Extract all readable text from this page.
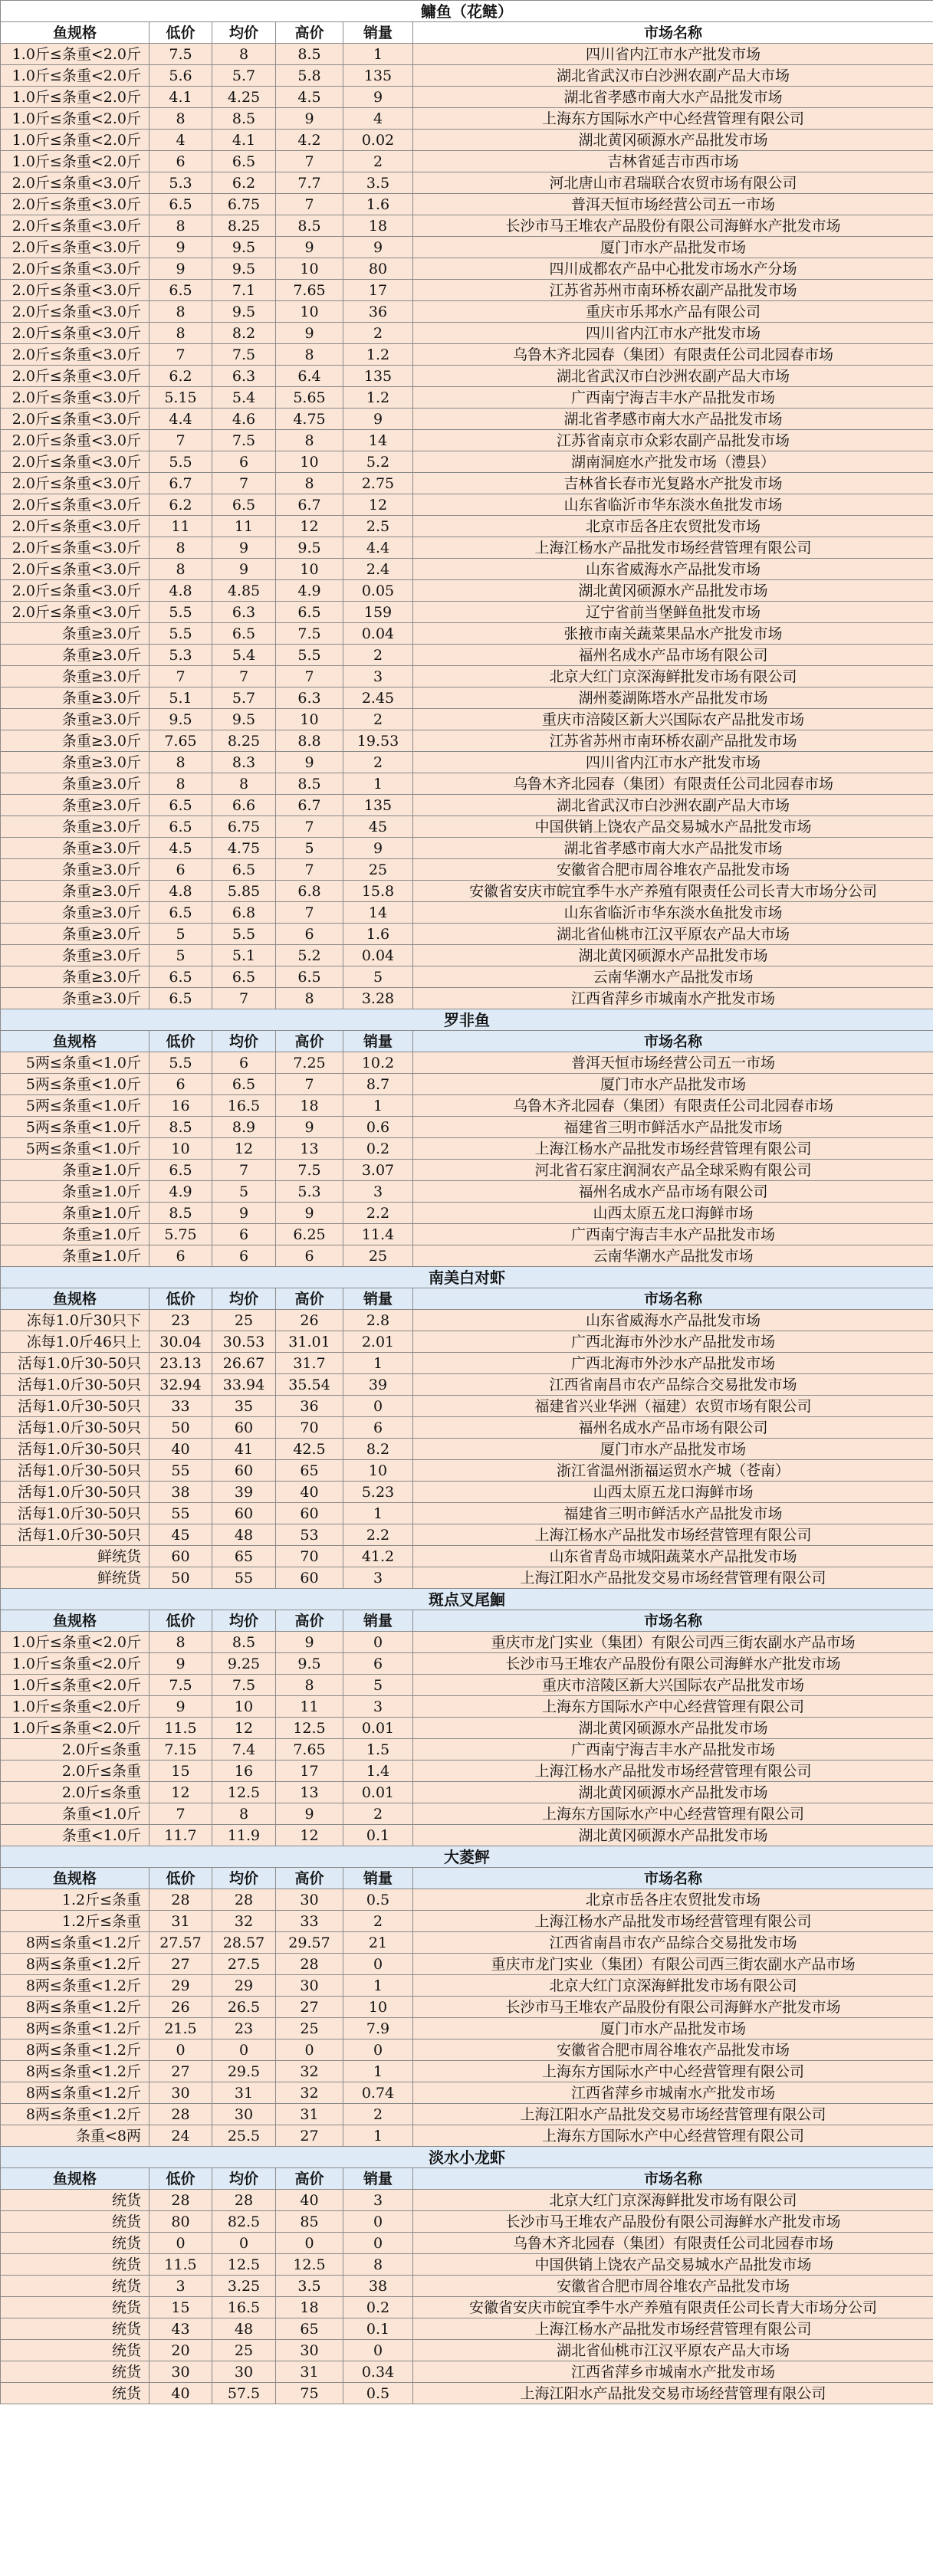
鳙鱼（花鲢）					
鱼规格	低价	均价	高价	销量	市场名称
1.0斤≤条重<2.0斤	7.5	8	8.5	1	四川省内江市水产批发市场
1.0斤≤条重<2.0斤	5.6	5.7	5.8	135	湖北省武汉市白沙洲农副产品大市场
1.0斤≤条重<2.0斤	4.1	4.25	4.5	9	湖北省孝感市南大水产品批发市场
1.0斤≤条重<2.0斤	8	8.5	9	4	上海东方国际水产中心经营管理有限公司
1.0斤≤条重<2.0斤	4	4.1	4.2	0.02	湖北黄冈硕源水产品批发市场
1.0斤≤条重<2.0斤	6	6.5	7	2	吉林省延吉市西市场
2.0斤≤条重<3.0斤	5.3	6.2	7.7	3.5	河北唐山市君瑞联合农贸市场有限公司
2.0斤≤条重<3.0斤	6.5	6.75	7	1.6	普洱天恒市场经营公司五一市场
2.0斤≤条重<3.0斤	8	8.25	8.5	18	长沙市马王堆农产品股份有限公司海鲜水产批发市场
2.0斤≤条重<3.0斤	9	9.5	9	9	厦门市水产品批发市场
2.0斤≤条重<3.0斤	9	9.5	10	80	四川成都农产品中心批发市场水产分场
2.0斤≤条重<3.0斤	6.5	7.1	7.65	17	江苏省苏州市南环桥农副产品批发市场
2.0斤≤条重<3.0斤	8	9.5	10	36	重庆市乐邦水产品有限公司
2.0斤≤条重<3.0斤	8	8.2	9	2	四川省内江市水产批发市场
2.0斤≤条重<3.0斤	7	7.5	8	1.2	乌鲁木齐北园春（集团）有限责任公司北园春市场
2.0斤≤条重<3.0斤	6.2	6.3	6.4	135	湖北省武汉市白沙洲农副产品大市场
2.0斤≤条重<3.0斤	5.15	5.4	5.65	1.2	广西南宁海吉丰水产品批发市场
2.0斤≤条重<3.0斤	4.4	4.6	4.75	9	湖北省孝感市南大水产品批发市场
2.0斤≤条重<3.0斤	7	7.5	8	14	江苏省南京市众彩农副产品批发市场
2.0斤≤条重<3.0斤	5.5	6	10	5.2	湖南洞庭水产批发市场（澧县）
2.0斤≤条重<3.0斤	6.7	7	8	2.75	吉林省长春市光复路水产批发市场
2.0斤≤条重<3.0斤	6.2	6.5	6.7	12	山东省临沂市华东淡水鱼批发市场
2.0斤≤条重<3.0斤	11	11	12	2.5	北京市岳各庄农贸批发市场
2.0斤≤条重<3.0斤	8	9	9.5	4.4	上海江杨水产品批发市场经营管理有限公司
2.0斤≤条重<3.0斤	8	9	10	2.4	山东省威海水产品批发市场
2.0斤≤条重<3.0斤	4.8	4.85	4.9	0.05	湖北黄冈硕源水产品批发市场
2.0斤≤条重<3.0斤	5.5	6.3	6.5	159	辽宁省前当堡鲜鱼批发市场
条重≥3.0斤	5.5	6.5	7.5	0.04	张掖市南关蔬菜果品水产批发市场
条重≥3.0斤	5.3	5.4	5.5	2	福州名成水产品市场有限公司
条重≥3.0斤	7	7	7	3	北京大红门京深海鲜批发市场有限公司
条重≥3.0斤	5.1	5.7	6.3	2.45	湖州菱湖陈塔水产品批发市场
条重≥3.0斤	9.5	9.5	10	2	重庆市涪陵区新大兴国际农产品批发市场
条重≥3.0斤	7.65	8.25	8.8	19.53	江苏省苏州市南环桥农副产品批发市场
条重≥3.0斤	8	8.3	9	2	四川省内江市水产批发市场
条重≥3.0斤	8	8	8.5	1	乌鲁木齐北园春（集团）有限责任公司北园春市场
条重≥3.0斤	6.5	6.6	6.7	135	湖北省武汉市白沙洲农副产品大市场
条重≥3.0斤	6.5	6.75	7	45	中国供销上饶农产品交易城水产品批发市场
条重≥3.0斤	4.5	4.75	5	9	湖北省孝感市南大水产品批发市场
条重≥3.0斤	6	6.5	7	25	安徽省合肥市周谷堆农产品批发市场
条重≥3.0斤	4.8	5.85	6.8	15.8	安徽省安庆市皖宜季牛水产养殖有限责任公司长青大市场分公司
条重≥3.0斤	6.5	6.8	7	14	山东省临沂市华东淡水鱼批发市场
条重≥3.0斤	5	5.5	6	1.6	湖北省仙桃市江汉平原农产品大市场
条重≥3.0斤	5	5.1	5.2	0.04	湖北黄冈硕源水产品批发市场
条重≥3.0斤	6.5	6.5	6.5	5	云南华潮水产品批发市场
条重≥3.0斤	6.5	7	8	3.28	江西省萍乡市城南水产批发市场
罗非鱼					
鱼规格	低价	均价	高价	销量	市场名称
5两≤条重<1.0斤	5.5	6	7.25	10.2	普洱天恒市场经营公司五一市场
5两≤条重<1.0斤	6	6.5	7	8.7	厦门市水产品批发市场
5两≤条重<1.0斤	16	16.5	18	1	乌鲁木齐北园春（集团）有限责任公司北园春市场
5两≤条重<1.0斤	8.5	8.9	9	0.6	福建省三明市鲜活水产品批发市场
5两≤条重<1.0斤	10	12	13	0.2	上海江杨水产品批发市场经营管理有限公司
条重≥1.0斤	6.5	7	7.5	3.07	河北省石家庄润洞农产品全球采购有限公司
条重≥1.0斤	4.9	5	5.3	3	福州名成水产品市场有限公司
条重≥1.0斤	8.5	9	9	2.2	山西太原五龙口海鲜市场
条重≥1.0斤	5.75	6	6.25	11.4	广西南宁海吉丰水产品批发市场
条重≥1.0斤	6	6	6	25	云南华潮水产品批发市场
南美白对虾					
鱼规格	低价	均价	高价	销量	市场名称
冻每1.0斤30只下	23	25	26	2.8	山东省威海水产品批发市场
冻每1.0斤46只上	30.04	30.53	31.01	2.01	广西北海市外沙水产品批发市场
活每1.0斤30-50只	23.13	26.67	31.7	1	广西北海市外沙水产品批发市场
活每1.0斤30-50只	32.94	33.94	35.54	39	江西省南昌市农产品综合交易批发市场
活每1.0斤30-50只	33	35	36	0	福建省兴业华洲（福建）农贸市场有限公司
活每1.0斤30-50只	50	60	70	6	福州名成水产品市场有限公司
活每1.0斤30-50只	40	41	42.5	8.2	厦门市水产品批发市场
活每1.0斤30-50只	55	60	65	10	浙江省温州浙福运贸水产城（苍南）
活每1.0斤30-50只	38	39	40	5.23	山西太原五龙口海鲜市场
活每1.0斤30-50只	55	60	60	1	福建省三明市鲜活水产品批发市场
活每1.0斤30-50只	45	48	53	2.2	上海江杨水产品批发市场经营管理有限公司
鲜统货	60	65	70	41.2	山东省青岛市城阳蔬菜水产品批发市场
鲜统货	50	55	60	3	上海江阳水产品批发交易市场经营管理有限公司
斑点叉尾鮰					
鱼规格	低价	均价	高价	销量	市场名称
1.0斤≤条重<2.0斤	8	8.5	9	0	重庆市龙门实业（集团）有限公司西三街农副水产品市场
1.0斤≤条重<2.0斤	9	9.25	9.5	6	长沙市马王堆农产品股份有限公司海鲜水产批发市场
1.0斤≤条重<2.0斤	7.5	7.5	8	5	重庆市涪陵区新大兴国际农产品批发市场
1.0斤≤条重<2.0斤	9	10	11	3	上海东方国际水产中心经营管理有限公司
1.0斤≤条重<2.0斤	11.5	12	12.5	0.01	湖北黄冈硕源水产品批发市场
2.0斤≤条重	7.15	7.4	7.65	1.5	广西南宁海吉丰水产品批发市场
2.0斤≤条重	15	16	17	1.4	上海江杨水产品批发市场经营管理有限公司
2.0斤≤条重	12	12.5	13	0.01	湖北黄冈硕源水产品批发市场
条重<1.0斤	7	8	9	2	上海东方国际水产中心经营管理有限公司
条重<1.0斤	11.7	11.9	12	0.1	湖北黄冈硕源水产品批发市场
大菱鲆					
鱼规格	低价	均价	高价	销量	市场名称
1.2斤≤条重	28	28	30	0.5	北京市岳各庄农贸批发市场
1.2斤≤条重	31	32	33	2	上海江杨水产品批发市场经营管理有限公司
8两≤条重<1.2斤	27.57	28.57	29.57	21	江西省南昌市农产品综合交易批发市场
8两≤条重<1.2斤	27	27.5	28	0	重庆市龙门实业（集团）有限公司西三街农副水产品市场
8两≤条重<1.2斤	29	29	30	1	北京大红门京深海鲜批发市场有限公司
8两≤条重<1.2斤	26	26.5	27	10	长沙市马王堆农产品股份有限公司海鲜水产批发市场
8两≤条重<1.2斤	21.5	23	25	7.9	厦门市水产品批发市场
8两≤条重<1.2斤	0	0	0	0	安徽省合肥市周谷堆农产品批发市场
8两≤条重<1.2斤	27	29.5	32	1	上海东方国际水产中心经营管理有限公司
8两≤条重<1.2斤	30	31	32	0.74	江西省萍乡市城南水产批发市场
8两≤条重<1.2斤	28	30	31	2	上海江阳水产品批发交易市场经营管理有限公司
条重<8两	24	25.5	27	1	上海东方国际水产中心经营管理有限公司
淡水小龙虾					
鱼规格	低价	均价	高价	销量	市场名称
统货	28	28	40	3	北京大红门京深海鲜批发市场有限公司
统货	80	82.5	85	0	长沙市马王堆农产品股份有限公司海鲜水产批发市场
统货	0	0	0	0	乌鲁木齐北园春（集团）有限责任公司北园春市场
统货	11.5	12.5	12.5	8	中国供销上饶农产品交易城水产品批发市场
统货	3	3.25	3.5	38	安徽省合肥市周谷堆农产品批发市场
统货	15	16.5	18	0.2	安徽省安庆市皖宜季牛水产养殖有限责任公司长青大市场分公司
统货	43	48	65	0.1	上海江杨水产品批发市场经营管理有限公司
统货	20	25	30	0	湖北省仙桃市江汉平原农产品大市场
统货	30	30	31	0.34	江西省萍乡市城南水产批发市场
统货	40	57.5	75	0.5	上海江阳水产品批发交易市场经营管理有限公司
